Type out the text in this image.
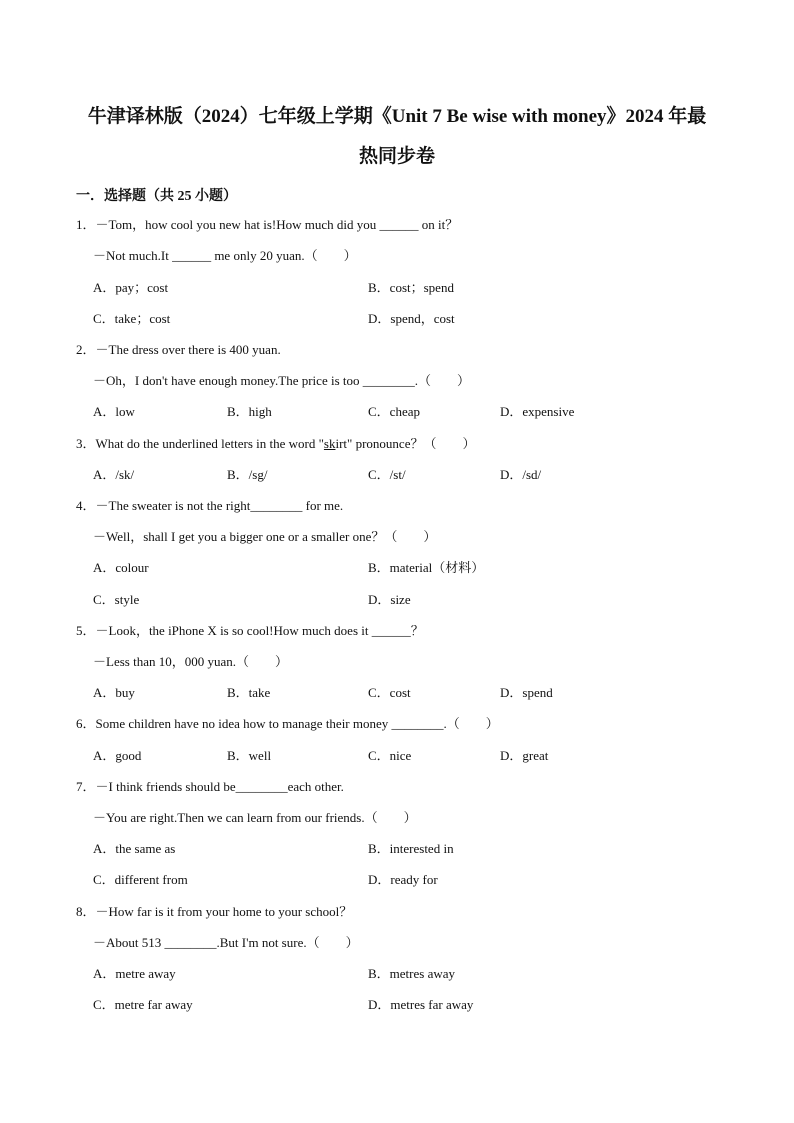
牛津译林版（2024）七年级上学期《Unit 7 Be wise with money》2024 年最
热同步卷
一．选择题（共 25 小题）
1．－Tom，how cool you new hat is!How much did you ______ on it？
－Not much.It ______ me only 20 yuan.（　　）
A．pay；cost	B．cost；spend
C．take；cost	D．spend，cost
2．－The dress over there is 400 yuan.
－Oh，I don't have enough money.The price is too ________.（　　）
A．low	B．high	C．cheap	D．expensive
3．What do the underlined letters in the word "skirt" pronounce？（　　）
A．/sk/	B．/sg/	C．/st/	D．/sd/
4．－The sweater is not the right________ for me.
－Well，shall I get you a bigger one or a smaller one？（　　）
A．colour	B．material（材料）
C．style	D．size
5．－Look，the iPhone X is so cool!How much does it ______？
－Less than 10，000 yuan.（　　）
A．buy	B．take	C．cost	D．spend
6．Some children have no idea how to manage their money ________.（　　）
A．good	B．well	C．nice	D．great
7．－I think friends should be________each other.
－You are right.Then we can learn from our friends.（　　）
A．the same as	B．interested in
C．different from	D．ready for
8．－How far is it from your home to your school？
－About 513 ________.But I'm not sure.（　　）
A．metre away	B．metres away
C．metre far away	D．metres far away
